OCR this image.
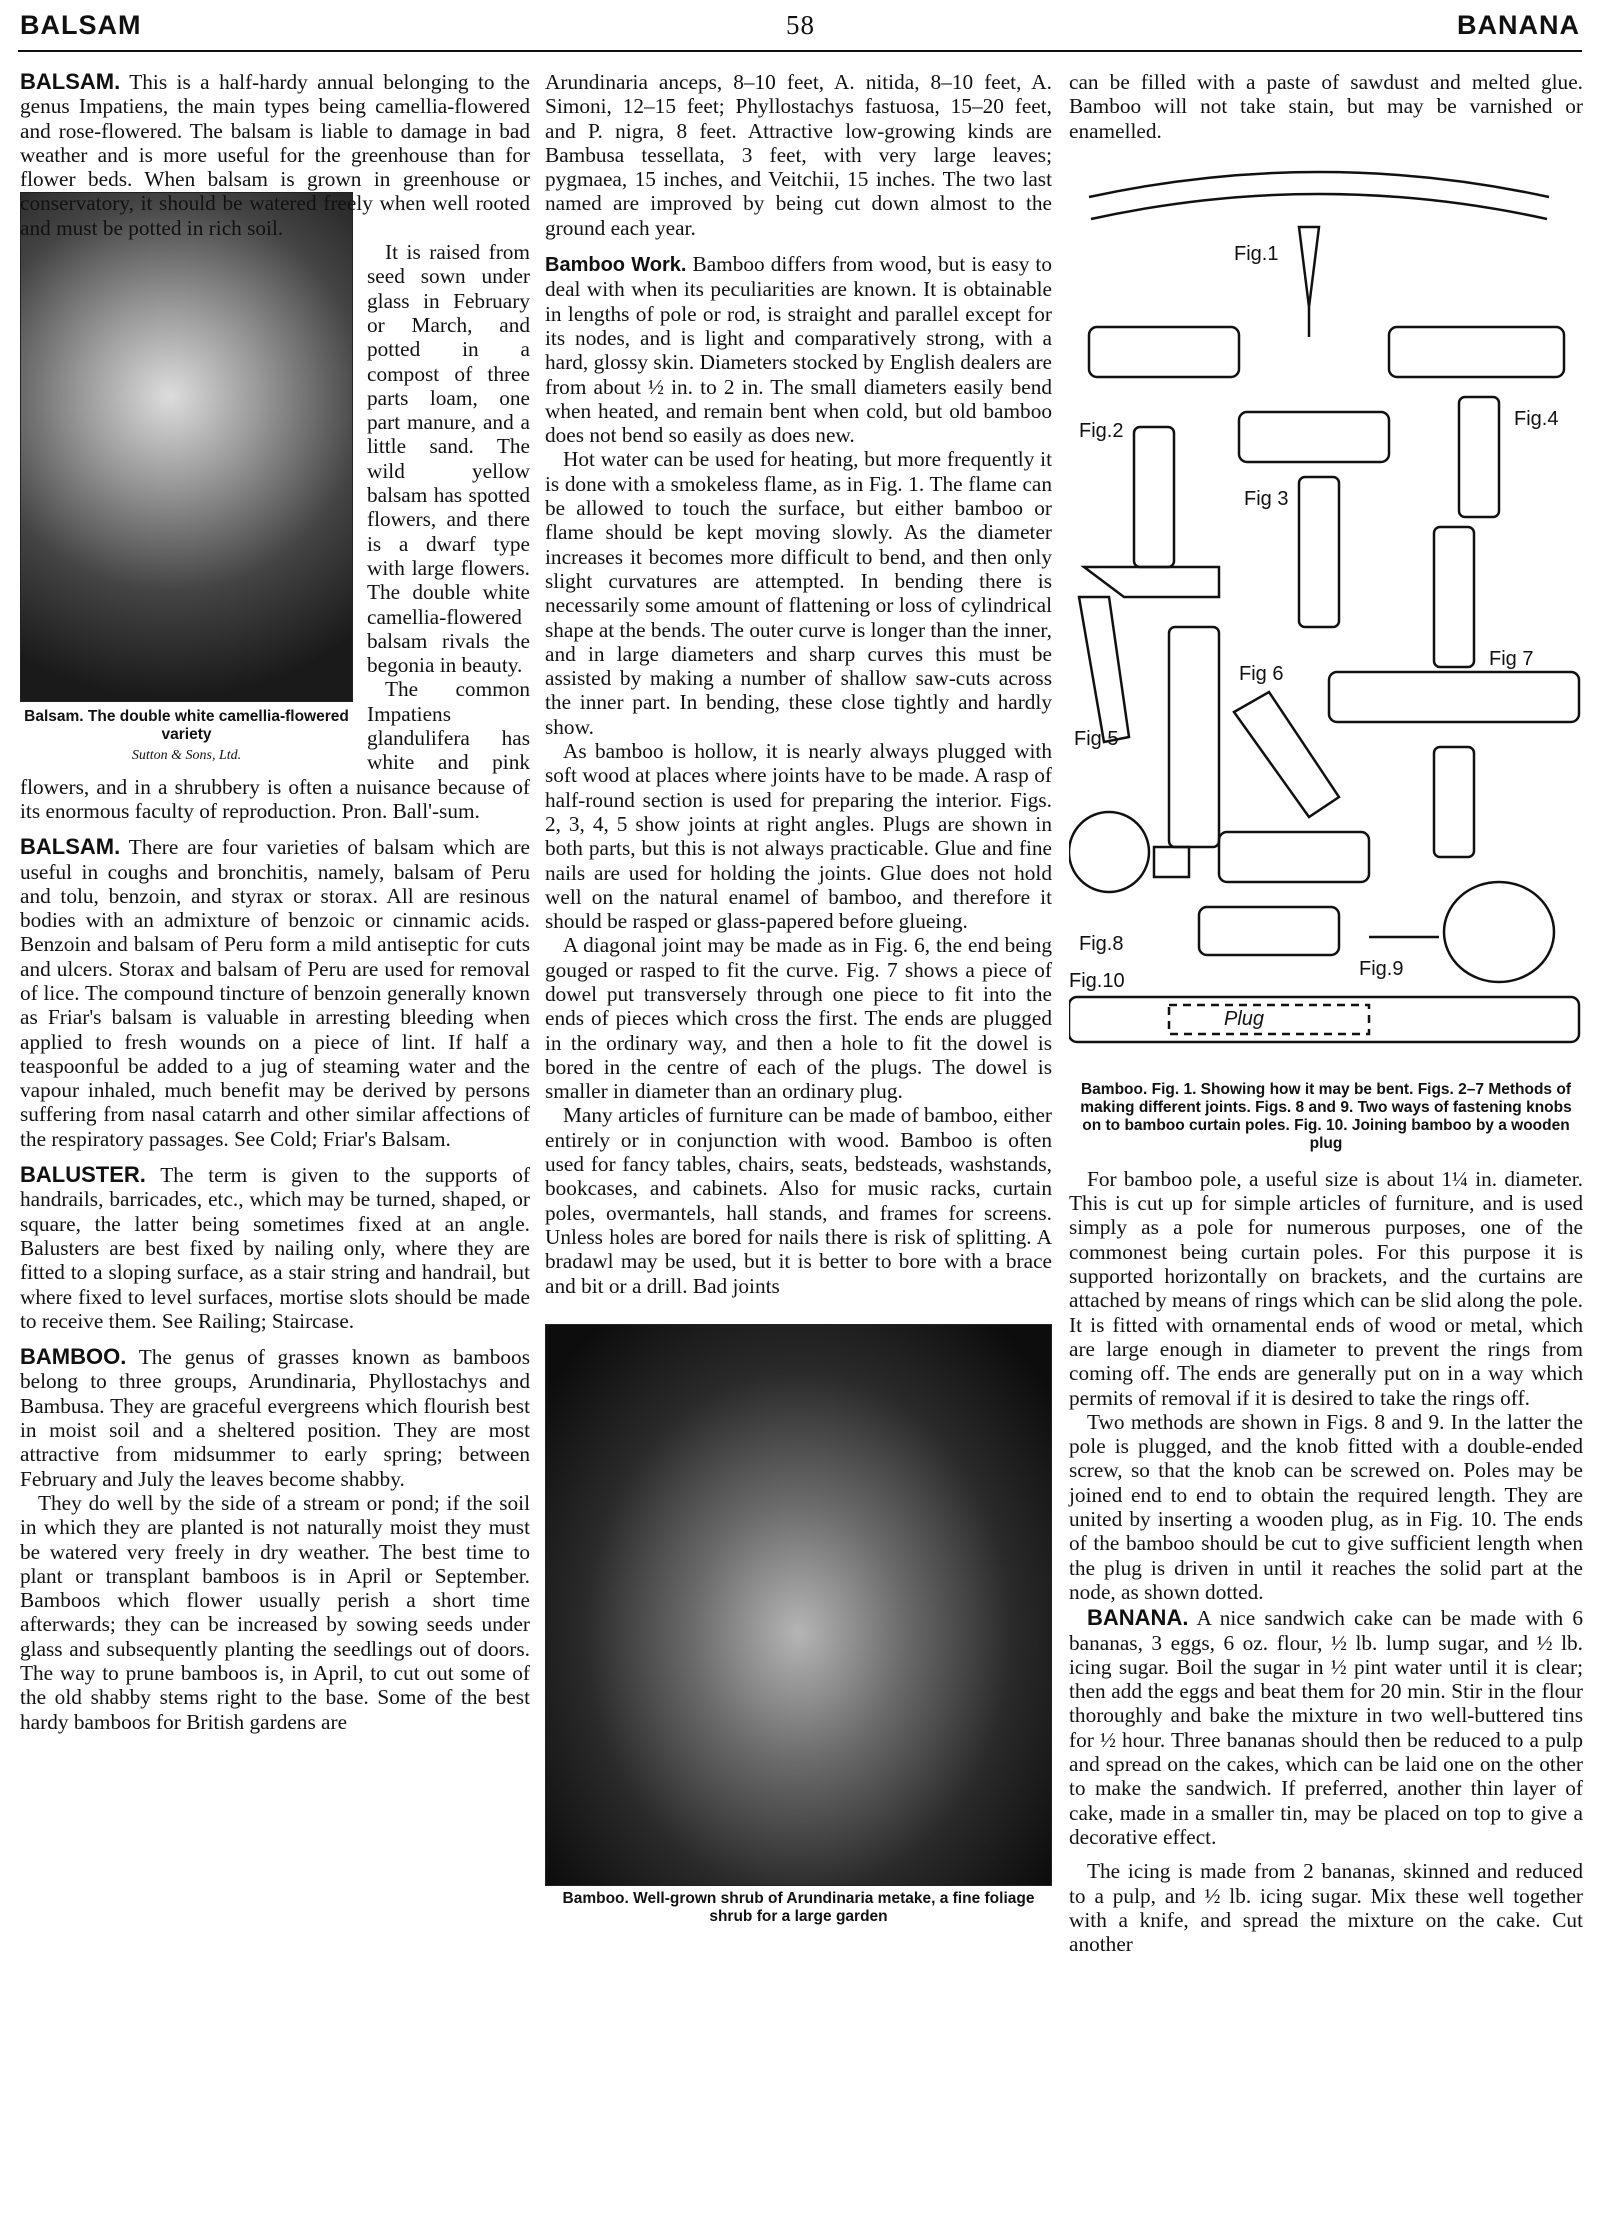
BALSAM	58	BANANA

BALSAM. This is a half-hardy annual belonging to the genus Impatiens, the main types being camellia-flowered and rose-flowered. The balsam is liable to damage in bad weather and is more useful for the greenhouse than for flower beds. When balsam is grown in greenhouse or conservatory, it should be watered freely when well rooted and must be potted in rich soil.

Balsam. The double white camellia-flowered variety
Sutton & Sons, Ltd.

It is raised from seed sown under glass in February or March, and potted in a compost of three parts loam, one part manure, and a little sand. The wild yellow balsam has spotted flowers, and there is a dwarf type with large flowers. The double white camellia-flowered balsam rivals the begonia in beauty.

The common Impatiens glandulifera has white and pink flowers, and in a shrubbery is often a nuisance because of its enormous faculty of reproduction. Pron. Ball'-sum.

BALSAM. There are four varieties of balsam which are useful in coughs and bronchitis, namely, balsam of Peru and tolu, benzoin, and styrax or storax. All are resinous bodies with an admixture of benzoic or cinnamic acids. Benzoin and balsam of Peru form a mild antiseptic for cuts and ulcers. Storax and balsam of Peru are used for removal of lice. The compound tincture of benzoin generally known as Friar's balsam is valuable in arresting bleeding when applied to fresh wounds on a piece of lint. If half a teaspoonful be added to a jug of steaming water and the vapour inhaled, much benefit may be derived by persons suffering from nasal catarrh and other similar affections of the respiratory passages. See Cold; Friar's Balsam.

BALUSTER. The term is given to the supports of handrails, barricades, etc., which may be turned, shaped, or square, the latter being sometimes fixed at an angle. Balusters are best fixed by nailing only, where they are fitted to a sloping surface, as a stair string and handrail, but where fixed to level surfaces, mortise slots should be made to receive them. See Railing; Staircase.

BAMBOO. The genus of grasses known as bamboos belong to three groups, Arundinaria, Phyllostachys and Bambusa. They are graceful evergreens which flourish best in moist soil and a sheltered position. They are most attractive from midsummer to early spring; between February and July the leaves become shabby.

They do well by the side of a stream or pond; if the soil in which they are planted is not naturally moist they must be watered very freely in dry weather. The best time to plant or transplant bamboos is in April or September. Bamboos which flower usually perish a short time afterwards; they can be increased by sowing seeds under glass and subsequently planting the seedlings out of doors. The way to prune bamboos is, in April, to cut out some of the old shabby stems right to the base. Some of the best hardy bamboos for British gardens are

Arundinaria anceps, 8–10 feet, A. nitida, 8–10 feet, A. Simoni, 12–15 feet; Phyllostachys fastuosa, 15–20 feet, and P. nigra, 8 feet. Attractive low-growing kinds are Bambusa tessellata, 3 feet, with very large leaves; pygmaea, 15 inches, and Veitchii, 15 inches. The two last named are improved by being cut down almost to the ground each year.

Bamboo Work. Bamboo differs from wood, but is easy to deal with when its peculiarities are known. It is obtainable in lengths of pole or rod, is straight and parallel except for its nodes, and is light and comparatively strong, with a hard, glossy skin. Diameters stocked by English dealers are from about ½ in. to 2 in. The small diameters easily bend when heated, and remain bent when cold, but old bamboo does not bend so easily as does new.

Hot water can be used for heating, but more frequently it is done with a smokeless flame, as in Fig. 1. The flame can be allowed to touch the surface, but either bamboo or flame should be kept moving slowly. As the diameter increases it becomes more difficult to bend, and then only slight curvatures are attempted. In bending there is necessarily some amount of flattening or loss of cylindrical shape at the bends. The outer curve is longer than the inner, and in large diameters and sharp curves this must be assisted by making a number of shallow saw-cuts across the inner part. In bending, these close tightly and hardly show.

As bamboo is hollow, it is nearly always plugged with soft wood at places where joints have to be made. A rasp of half-round section is used for preparing the interior. Figs. 2, 3, 4, 5 show joints at right angles. Plugs are shown in both parts, but this is not always practicable. Glue and fine nails are used for holding the joints. Glue does not hold well on the natural enamel of bamboo, and therefore it should be rasped or glass-papered before glueing.

A diagonal joint may be made as in Fig. 6, the end being gouged or rasped to fit the curve. Fig. 7 shows a piece of dowel put transversely through one piece to fit into the ends of pieces which cross the first. The ends are plugged in the ordinary way, and then a hole to fit the dowel is bored in the centre of each of the plugs. The dowel is smaller in diameter than an ordinary plug.

Many articles of furniture can be made of bamboo, either entirely or in conjunction with wood. Bamboo is often used for fancy tables, chairs, seats, bedsteads, washstands, bookcases, and cabinets. Also for music racks, curtain poles, overmantels, hall stands, and frames for screens. Unless holes are bored for nails there is risk of splitting. A bradawl may be used, but it is better to bore with a brace and bit or a drill. Bad joints

Bamboo. Well-grown shrub of Arundinaria metake, a fine foliage shrub for a large garden

can be filled with a paste of sawdust and melted glue. Bamboo will not take stain, but may be varnished or enamelled.

Fig.1
Fig.2
Fig 3
Fig.4
Fig 5
Fig 6
Fig 7
Fig.8
Fig.9
Fig.10
Plug
Bamboo. Fig. 1. Showing how it may be bent. Figs. 2–7 Methods of making different joints. Figs. 8 and 9. Two ways of fastening knobs on to bamboo curtain poles. Fig. 10. Joining bamboo by a wooden plug

For bamboo pole, a useful size is about 1¼ in. diameter. This is cut up for simple articles of furniture, and is used simply as a pole for numerous purposes, one of the commonest being curtain poles. For this purpose it is supported horizontally on brackets, and the curtains are attached by means of rings which can be slid along the pole. It is fitted with ornamental ends of wood or metal, which are large enough in diameter to prevent the rings from coming off. The ends are generally put on in a way which permits of removal if it is desired to take the rings off.

Two methods are shown in Figs. 8 and 9. In the latter the pole is plugged, and the knob fitted with a double-ended screw, so that the knob can be screwed on. Poles may be joined end to end to obtain the required length. They are united by inserting a wooden plug, as in Fig. 10. The ends of the bamboo should be cut to give sufficient length when the plug is driven in until it reaches the solid part at the node, as shown dotted.

BANANA. A nice sandwich cake can be made with 6 bananas, 3 eggs, 6 oz. flour, ½ lb. lump sugar, and ½ lb. icing sugar. Boil the sugar in ½ pint water until it is clear; then add the eggs and beat them for 20 min. Stir in the flour thoroughly and bake the mixture in two well-buttered tins for ½ hour. Three bananas should then be reduced to a pulp and spread on the cakes, which can be laid one on the other to make the sandwich. If preferred, another thin layer of cake, made in a smaller tin, may be placed on top to give a decorative effect.

The icing is made from 2 bananas, skinned and reduced to a pulp, and ½ lb. icing sugar. Mix these well together with a knife, and spread the mixture on the cake. Cut another
